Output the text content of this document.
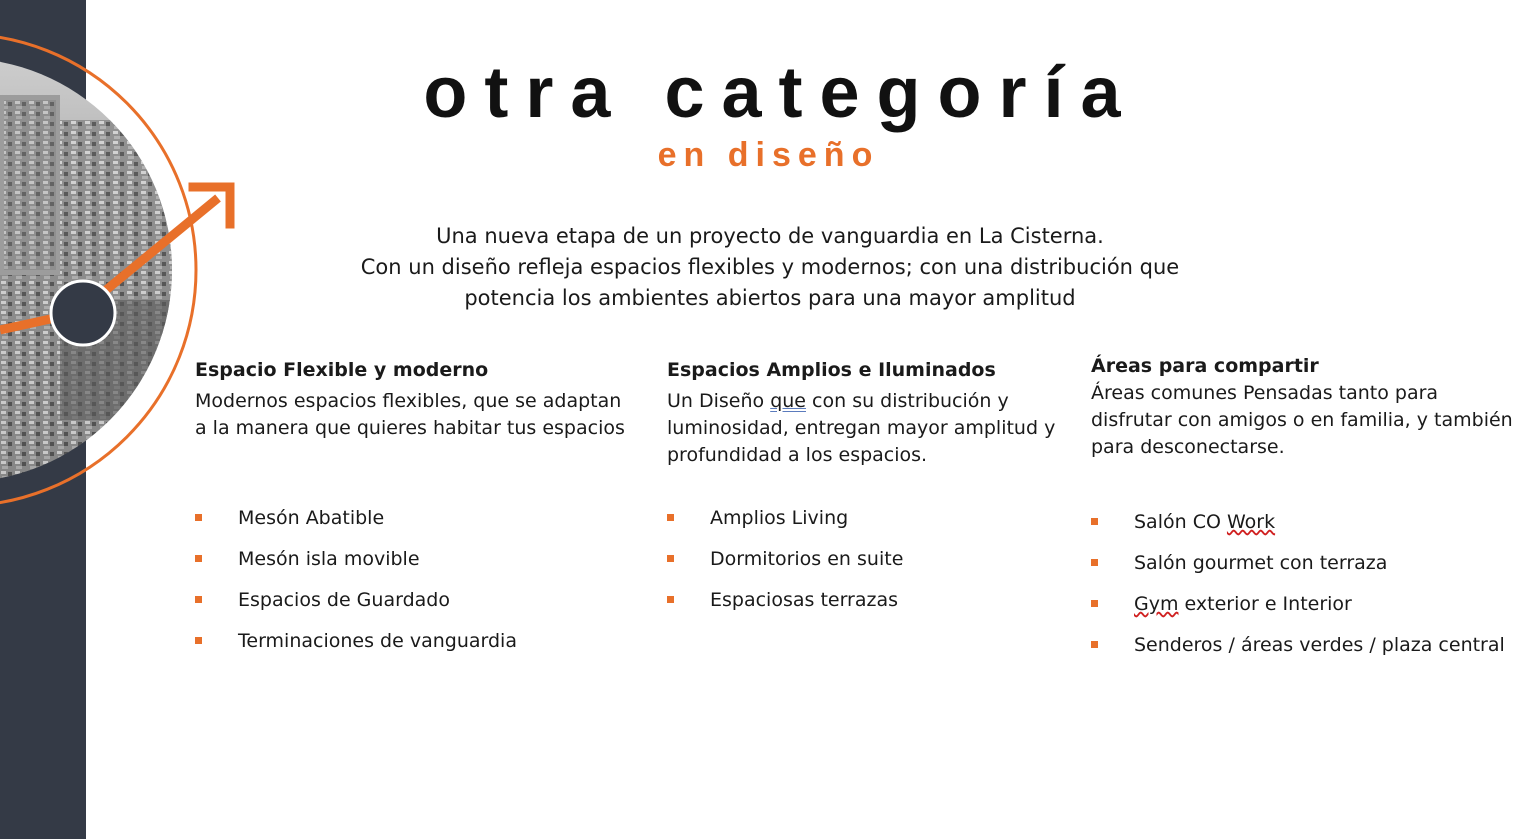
otra categoría
en diseño
Una nueva etapa de un proyecto de vanguardia en La Cisterna.
Con un diseño refleja espacios flexibles y modernos; con una distribución que
potencia los ambientes abiertos para una mayor amplitud
Espacio Flexible y moderno

Modernos espacios flexibles, que se adaptan a la manera que quieres habitar tus espacios

Mesón Abatible
Mesón isla movible
Espacios de Guardado
Terminaciones de vanguardia
Espacios Amplios e Iluminados

Un Diseño que con su distribución y luminosidad, entregan mayor amplitud y profundidad a los espacios.

Amplios Living
Dormitorios en suite
Espaciosas terrazas
Áreas para compartir

Áreas comunes Pensadas tanto para disfrutar con amigos o en familia, y también para desconectarse.

Salón CO Work
Salón gourmet con terraza
Gym exterior e Interior
Senderos / áreas verdes / plaza central
